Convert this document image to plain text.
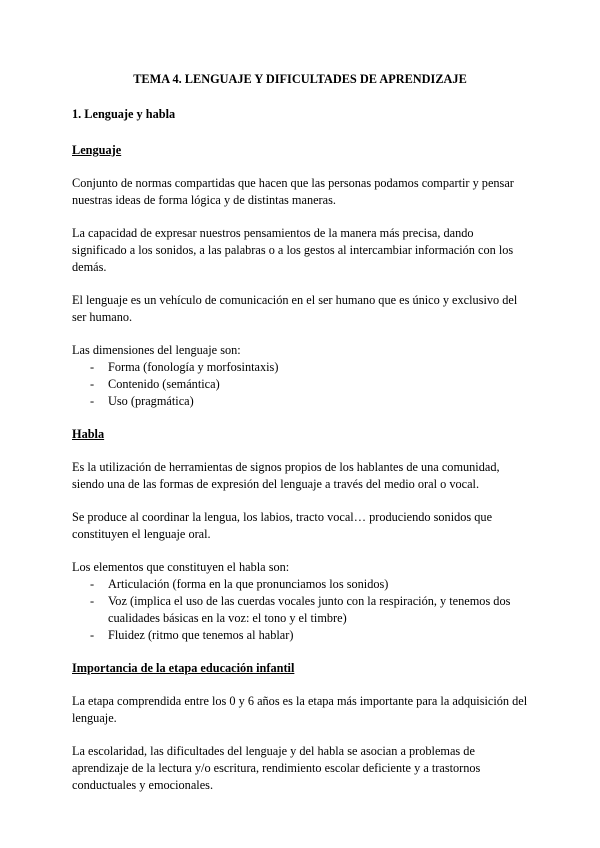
TEMA 4. LENGUAJE Y DIFICULTADES DE APRENDIZAJE
1. Lenguaje y habla
Lenguaje

Conjunto de normas compartidas que hacen que las personas podamos compartir y pensar nuestras ideas de forma lógica y de distintas maneras.

La capacidad de expresar nuestros pensamientos de la manera más precisa, dando significado a los sonidos, a las palabras o a los gestos al intercambiar información con los demás.

El lenguaje es un vehículo de comunicación en el ser humano que es único y exclusivo del ser humano.

Las dimensiones del lenguaje son:

- Forma (fonología y morfosintaxis)
- Contenido (semántica)
- Uso (pragmática)
Habla

Es la utilización de herramientas de signos propios de los hablantes de una comunidad, siendo una de las formas de expresión del lenguaje a través del medio oral o vocal.

Se produce al coordinar la lengua, los labios, tracto vocal… produciendo sonidos que constituyen el lenguaje oral.

Los elementos que constituyen el habla son:

- Articulación (forma en la que pronunciamos los sonidos)
- Voz (implica el uso de las cuerdas vocales junto con la respiración, y tenemos dos cualidades básicas en la voz: el tono y el timbre)
- Fluidez (ritmo que tenemos al hablar)
Importancia de la etapa educación infantil

La etapa comprendida entre los 0 y 6 años es la etapa más importante para la adquisición del lenguaje.

La escolaridad, las dificultades del lenguaje y del habla se asocian a problemas de aprendizaje de la lectura y/o escritura, rendimiento escolar deficiente y a trastornos conductuales y emocionales.
